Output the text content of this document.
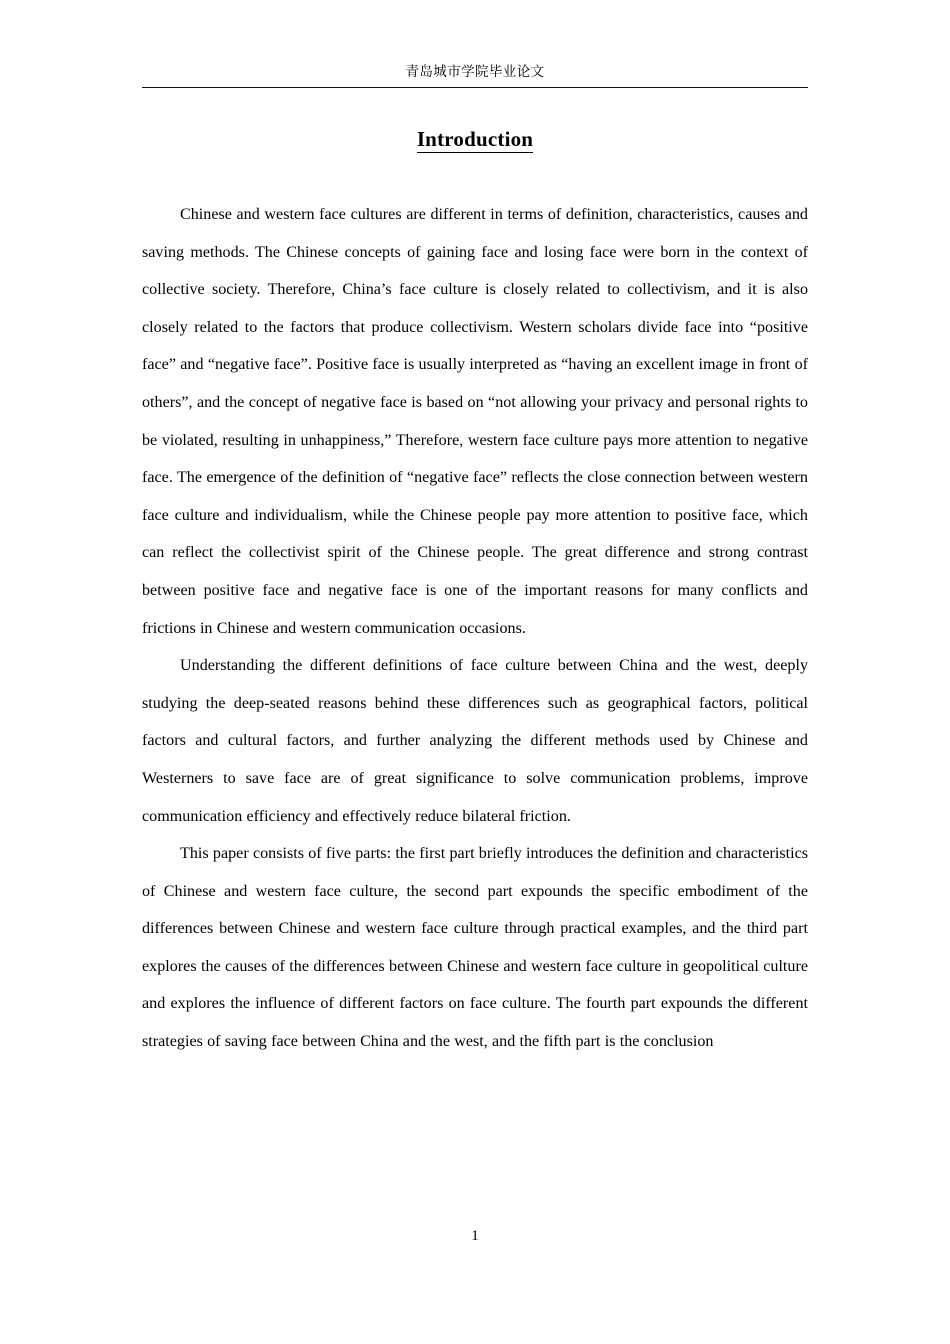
青岛城市学院毕业论文
Introduction

Chinese and western face cultures are different in terms of definition, characteristics, causes and saving methods. The Chinese concepts of gaining face and losing face were born in the context of collective society. Therefore, China’s face culture is closely related to collectivism, and it is also closely related to the factors that produce collectivism. Western scholars divide face into “positive face” and “negative face”. Positive face is usually interpreted as “having an excellent image in front of others”, and the concept of negative face is based on “not allowing your privacy and personal rights to be violated, resulting in unhappiness,” Therefore, western face culture pays more attention to negative face. The emergence of the definition of “negative face” reflects the close connection between western face culture and individualism, while the Chinese people pay more attention to positive face, which can reflect the collectivist spirit of the Chinese people. The great difference and strong contrast between positive face and negative face is one of the important reasons for many conflicts and frictions in Chinese and western communication occasions.

Understanding the different definitions of face culture between China and the west, deeply studying the deep-seated reasons behind these differences such as geographical factors, political factors and cultural factors, and further analyzing the different methods used by Chinese and Westerners to save face are of great significance to solve communication problems, improve communication efficiency and effectively reduce bilateral friction.

This paper consists of five parts: the first part briefly introduces the definition and characteristics of Chinese and western face culture, the second part expounds the specific embodiment of the differences between Chinese and western face culture through practical examples, and the third part explores the causes of the differences between Chinese and western face culture in geopolitical culture and explores the influence of different factors on face culture. The fourth part expounds the different strategies of saving face between China and the west, and the fifth part is the conclusion

1
